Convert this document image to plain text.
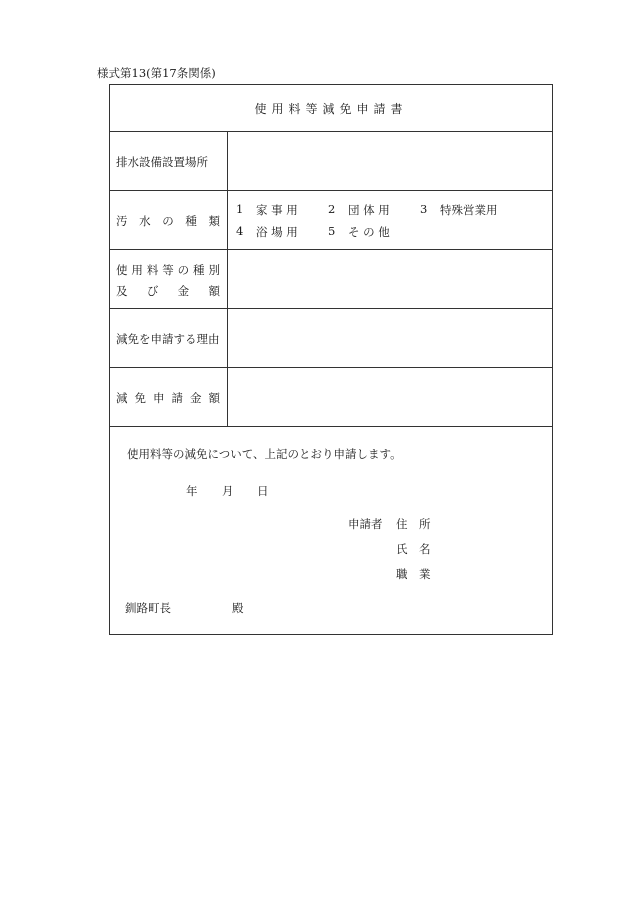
様式第13(第17条関係)
使用料等減免申請書
排水設備設置場所
汚 水 の 種 類
1 家 事 用	2 団 体 用	3 特殊営業用
4 浴 場 用	5 そ の 他
使 用 料 等 の 種 別
及 び 金 額
減免を申請する理由
減 免 申 請 金 額
使用料等の減免について、上記のとおり申請します。
年 月 日
申請者 住　所
氏　名
職　業
釧路町長	殿
